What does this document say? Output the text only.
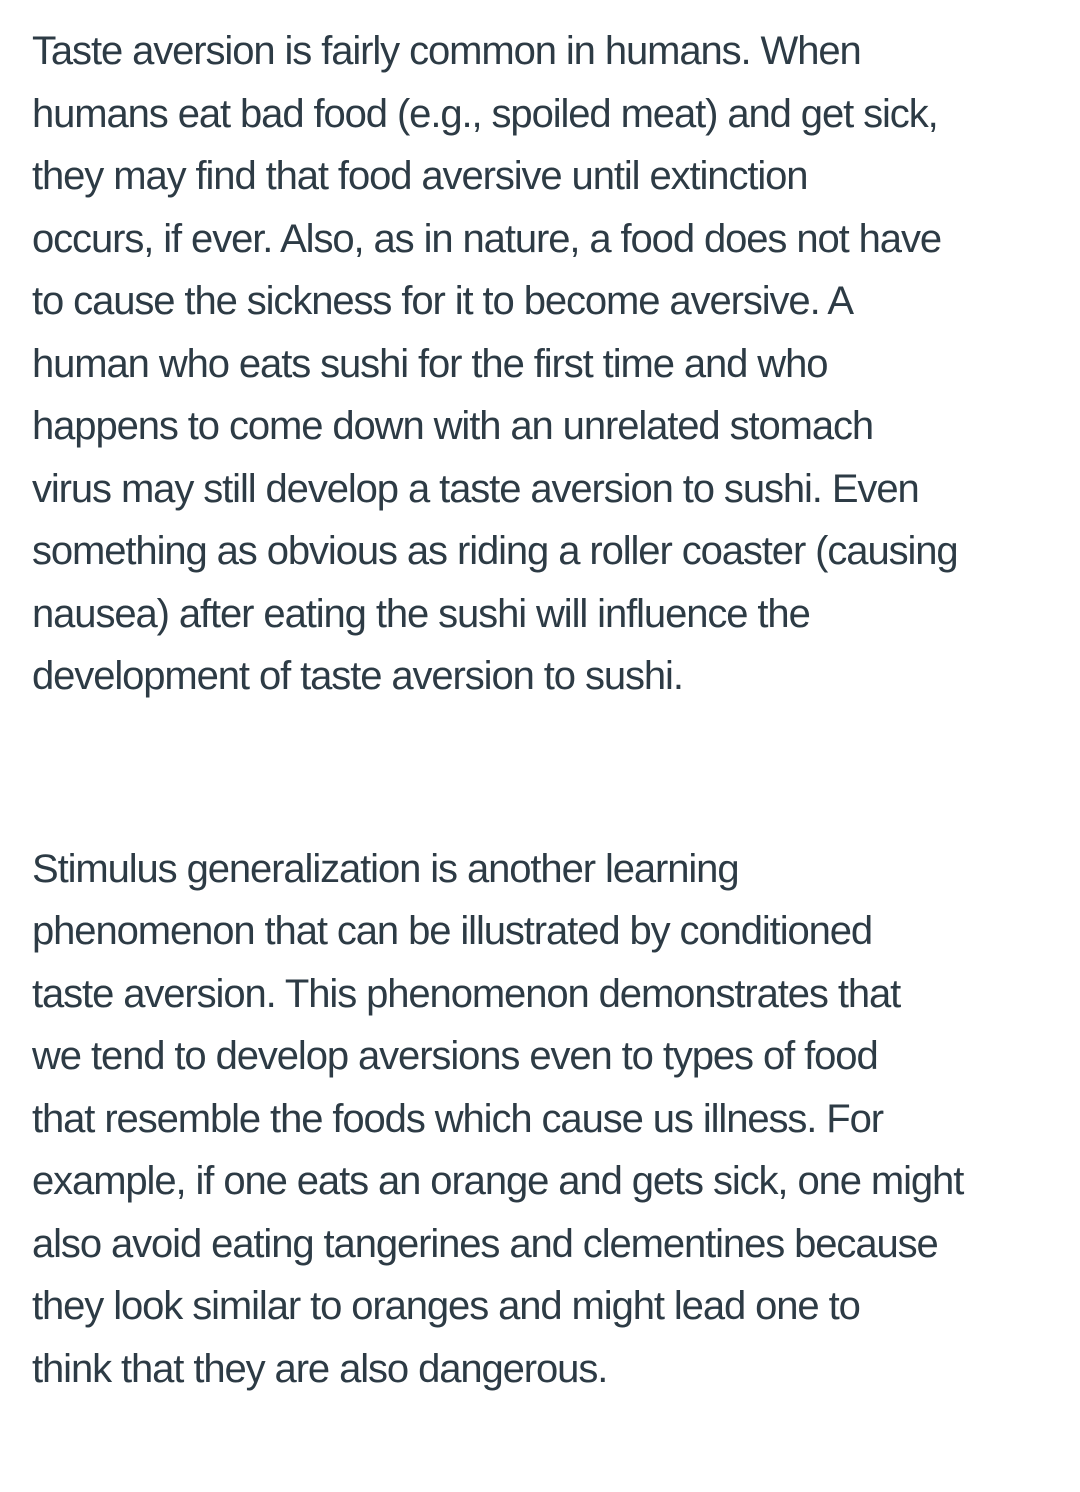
Taste aversion is fairly common in humans. When
humans eat bad food (e.g., spoiled meat) and get sick,
they may find that food aversive until extinction
occurs, if ever. Also, as in nature, a food does not have
to cause the sickness for it to become aversive. A
human who eats sushi for the first time and who
happens to come down with an unrelated stomach
virus may still develop a taste aversion to sushi. Even
something as obvious as riding a roller coaster (causing
nausea) after eating the sushi will influence the
development of taste aversion to sushi.
Stimulus generalization is another learning
phenomenon that can be illustrated by conditioned
taste aversion. This phenomenon demonstrates that
we tend to develop aversions even to types of food
that resemble the foods which cause us illness. For
example, if one eats an orange and gets sick, one might
also avoid eating tangerines and clementines because
they look similar to oranges and might lead one to
think that they are also dangerous.
